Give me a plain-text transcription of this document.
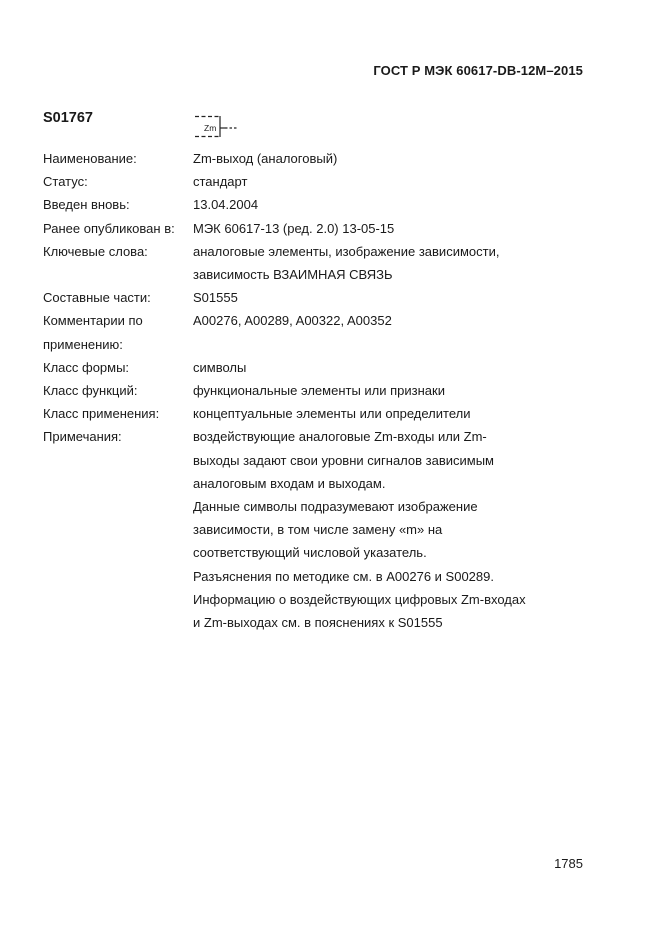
ГОСТ Р МЭК 60617-DB-12M–2015
S01767
Zm
Наименование:	Zm-выход (аналоговый)
Статус:	стандарт
Введен вновь:	13.04.2004
Ранее опубликован в:	МЭК 60617-13 (ред. 2.0) 13-05-15
Ключевые слова:	аналоговые элементы, изображение зависимости,
зависимость ВЗАИМНАЯ СВЯЗЬ
Составные части:	S01555
Комментарии по
применению:
A00276, A00289, A00322, A00352
Класс формы:	символы
Класс функций:	функциональные элементы или признаки
Класс применения:	концептуальные элементы или определители
Примечания:	воздействующие аналоговые Zm-входы или Zm-
выходы задают свои уровни сигналов зависимым
аналоговым входам и выходам.
Данные символы подразумевают изображение
зависимости, в том числе замену «m» на
соответствующий числовой указатель.
Разъяснения по методике см. в A00276 и S00289.
Информацию о воздействующих цифровых Zm-входах
и Zm-выходах см. в пояснениях к S01555
1785
